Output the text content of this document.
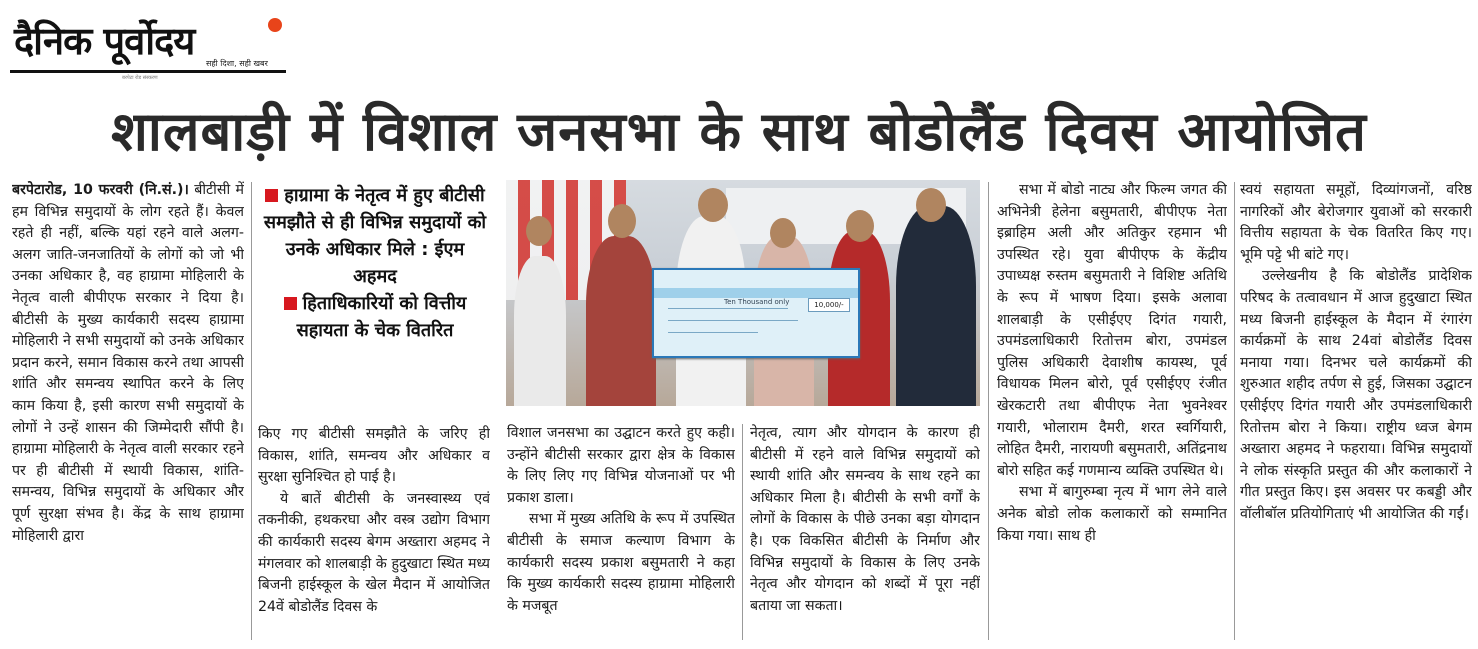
दैनिक पूर्वोदय
सही दिशा, सही खबर
बरपेटा रोड संस्करण
शालबाड़ी में विशाल जनसभा के साथ बोडोलैंड दिवस आयोजित

बरपेटारोड, 10 फरवरी (नि.सं.)। बीटीसी में हम विभिन्न समुदायों के लोग रहते हैं। केवल रहते ही नहीं, बल्कि यहां रहने वाले अलग-अलग जाति-जनजातियों के लोगों को जो भी उनका अधिकार है, वह हाग्रामा मोहिलारी के नेतृत्व वाली बीपीएफ सरकार ने दिया है। बीटीसी के मुख्य कार्यकारी सदस्य हाग्रामा मोहिलारी ने सभी समुदायों को उनके अधिकार प्रदान करने, समान विकास करने तथा आपसी शांति और समन्वय स्थापित करने के लिए काम किया है, इसी कारण सभी समुदायों के लोगों ने उन्हें शासन की जिम्मेदारी सौंपी है। हाग्रामा मोहिलारी के नेतृत्व वाली सरकार रहने पर ही बीटीसी में स्थायी विकास, शांति-समन्वय, विभिन्न समुदायों के अधिकार और पूर्ण सुरक्षा संभव है। केंद्र के साथ हाग्रामा मोहिलारी द्वारा

हाग्रामा के नेतृत्व में हुए बीटीसी समझौते से ही विभिन्न समुदायों को उनके अधिकार मिले : ईएम अहमद
हिताधिकारियों को वित्तीय सहायता के चेक वितरित

किए गए बीटीसी समझौते के जरिए ही विकास, शांति, समन्वय और अधिकार व सुरक्षा सुनिश्चित हो पाई है।

ये बातें बीटीसी के जनस्वास्थ्य एवं तकनीकी, हथकरघा और वस्त्र उद्योग विभाग की कार्यकारी सदस्य बेगम अख्तारा अहमद ने मंगलवार को शालबाड़ी के हुदुखाटा स्थित मध्य बिजनी हाईस्कूल के खेल मैदान में आयोजित 24वें बोडोलैंड दिवस के

Ten Thousand only	10,000/-

विशाल जनसभा का उद्घाटन करते हुए कही। उन्होंने बीटीसी सरकार द्वारा क्षेत्र के विकास के लिए लिए गए विभिन्न योजनाओं पर भी प्रकाश डाला।

सभा में मुख्य अतिथि के रूप में उपस्थित बीटीसी के समाज कल्याण विभाग के कार्यकारी सदस्य प्रकाश बसुमतारी ने कहा कि मुख्य कार्यकारी सदस्य हाग्रामा मोहिलारी के मजबूत

नेतृत्व, त्याग और योगदान के कारण ही बीटीसी में रहने वाले विभिन्न समुदायों को स्थायी शांति और समन्वय के साथ रहने का अधिकार मिला है। बीटीसी के सभी वर्गों के लोगों के विकास के पीछे उनका बड़ा योगदान है। एक विकसित बीटीसी के निर्माण और विभिन्न समुदायों के विकास के लिए उनके नेतृत्व और योगदान को शब्दों में पूरा नहीं बताया जा सकता।

सभा में बोडो नाट्य और फिल्म जगत की अभिनेत्री हेलेना बसुमतारी, बीपीएफ नेता इब्राहिम अली और अतिकुर रहमान भी उपस्थित रहे। युवा बीपीएफ के केंद्रीय उपाध्यक्ष रुस्तम बसुमतारी ने विशिष्ट अतिथि के रूप में भाषण दिया। इसके अलावा शालबाड़ी के एसीईएए दिगंत गयारी, उपमंडलाधिकारी रितोत्तम बोरा, उपमंडल पुलिस अधिकारी देवाशीष कायस्थ, पूर्व विधायक मिलन बोरो, पूर्व एसीईएए रंजीत खेरकटारी तथा बीपीएफ नेता भुवनेश्वर गयारी, भोलाराम दैमरी, शरत स्वर्गियारी, लोहित दैमरी, नारायणी बसुमतारी, अतिंद्रनाथ बोरो सहित कई गणमान्य व्यक्ति उपस्थित थे।

सभा में बागुरुम्बा नृत्य में भाग लेने वाले अनेक बोडो लोक कलाकारों को सम्मानित किया गया। साथ ही

स्वयं सहायता समूहों, दिव्यांगजनों, वरिष्ठ नागरिकों और बेरोजगार युवाओं को सरकारी वित्तीय सहायता के चेक वितरित किए गए। भूमि पट्टे भी बांटे गए।

उल्लेखनीय है कि बोडोलैंड प्रादेशिक परिषद के तत्वावधान में आज हुदुखाटा स्थित मध्य बिजनी हाईस्कूल के मैदान में रंगारंग कार्यक्रमों के साथ 24वां बोडोलैंड दिवस मनाया गया। दिनभर चले कार्यक्रमों की शुरुआत शहीद तर्पण से हुई, जिसका उद्घाटन एसीईएए दिगंत गयारी और उपमंडलाधिकारी रितोत्तम बोरा ने किया। राष्ट्रीय ध्वज बेगम अख्तारा अहमद ने फहराया। विभिन्न समुदायों ने लोक संस्कृति प्रस्तुत की और कलाकारों ने गीत प्रस्तुत किए। इस अवसर पर कबड्डी और वॉलीबॉल प्रतियोगिताएं भी आयोजित की गईं।
